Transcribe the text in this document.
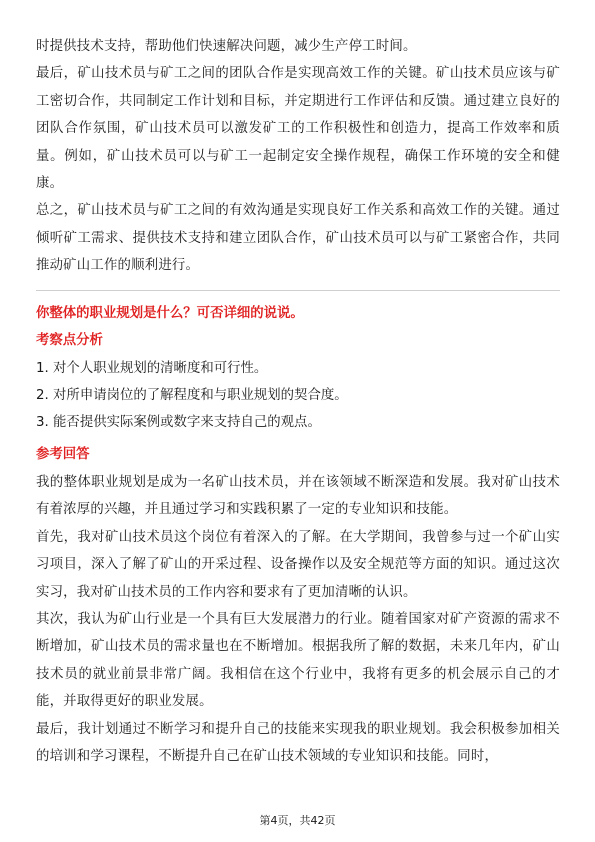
时提供技术支持，帮助他们快速解决问题，减少生产停工时间。

最后，矿山技术员与矿工之间的团队合作是实现高效工作的关键。矿山技术员应该与矿工密切合作，共同制定工作计划和目标，并定期进行工作评估和反馈。通过建立良好的团队合作氛围，矿山技术员可以激发矿工的工作积极性和创造力，提高工作效率和质量。例如，矿山技术员可以与矿工一起制定安全操作规程，确保工作环境的安全和健康。

总之，矿山技术员与矿工之间的有效沟通是实现良好工作关系和高效工作的关键。通过倾听矿工需求、提供技术支持和建立团队合作，矿山技术员可以与矿工紧密合作，共同推动矿山工作的顺利进行。

你整体的职业规划是什么？可否详细的说说。

考察点分析

1. 对个人职业规划的清晰度和可行性。
2. 对所申请岗位的了解程度和与职业规划的契合度。
3. 能否提供实际案例或数字来支持自己的观点。

参考回答

我的整体职业规划是成为一名矿山技术员，并在该领域不断深造和发展。我对矿山技术有着浓厚的兴趣，并且通过学习和实践积累了一定的专业知识和技能。

首先，我对矿山技术员这个岗位有着深入的了解。在大学期间，我曾参与过一个矿山实习项目，深入了解了矿山的开采过程、设备操作以及安全规范等方面的知识。通过这次实习，我对矿山技术员的工作内容和要求有了更加清晰的认识。

其次，我认为矿山行业是一个具有巨大发展潜力的行业。随着国家对矿产资源的需求不断增加，矿山技术员的需求量也在不断增加。根据我所了解的数据，未来几年内，矿山技术员的就业前景非常广阔。我相信在这个行业中，我将有更多的机会展示自己的才能，并取得更好的职业发展。

最后，我计划通过不断学习和提升自己的技能来实现我的职业规划。我会积极参加相关的培训和学习课程，不断提升自己在矿山技术领域的专业知识和技能。同时，

第4页，共42页
